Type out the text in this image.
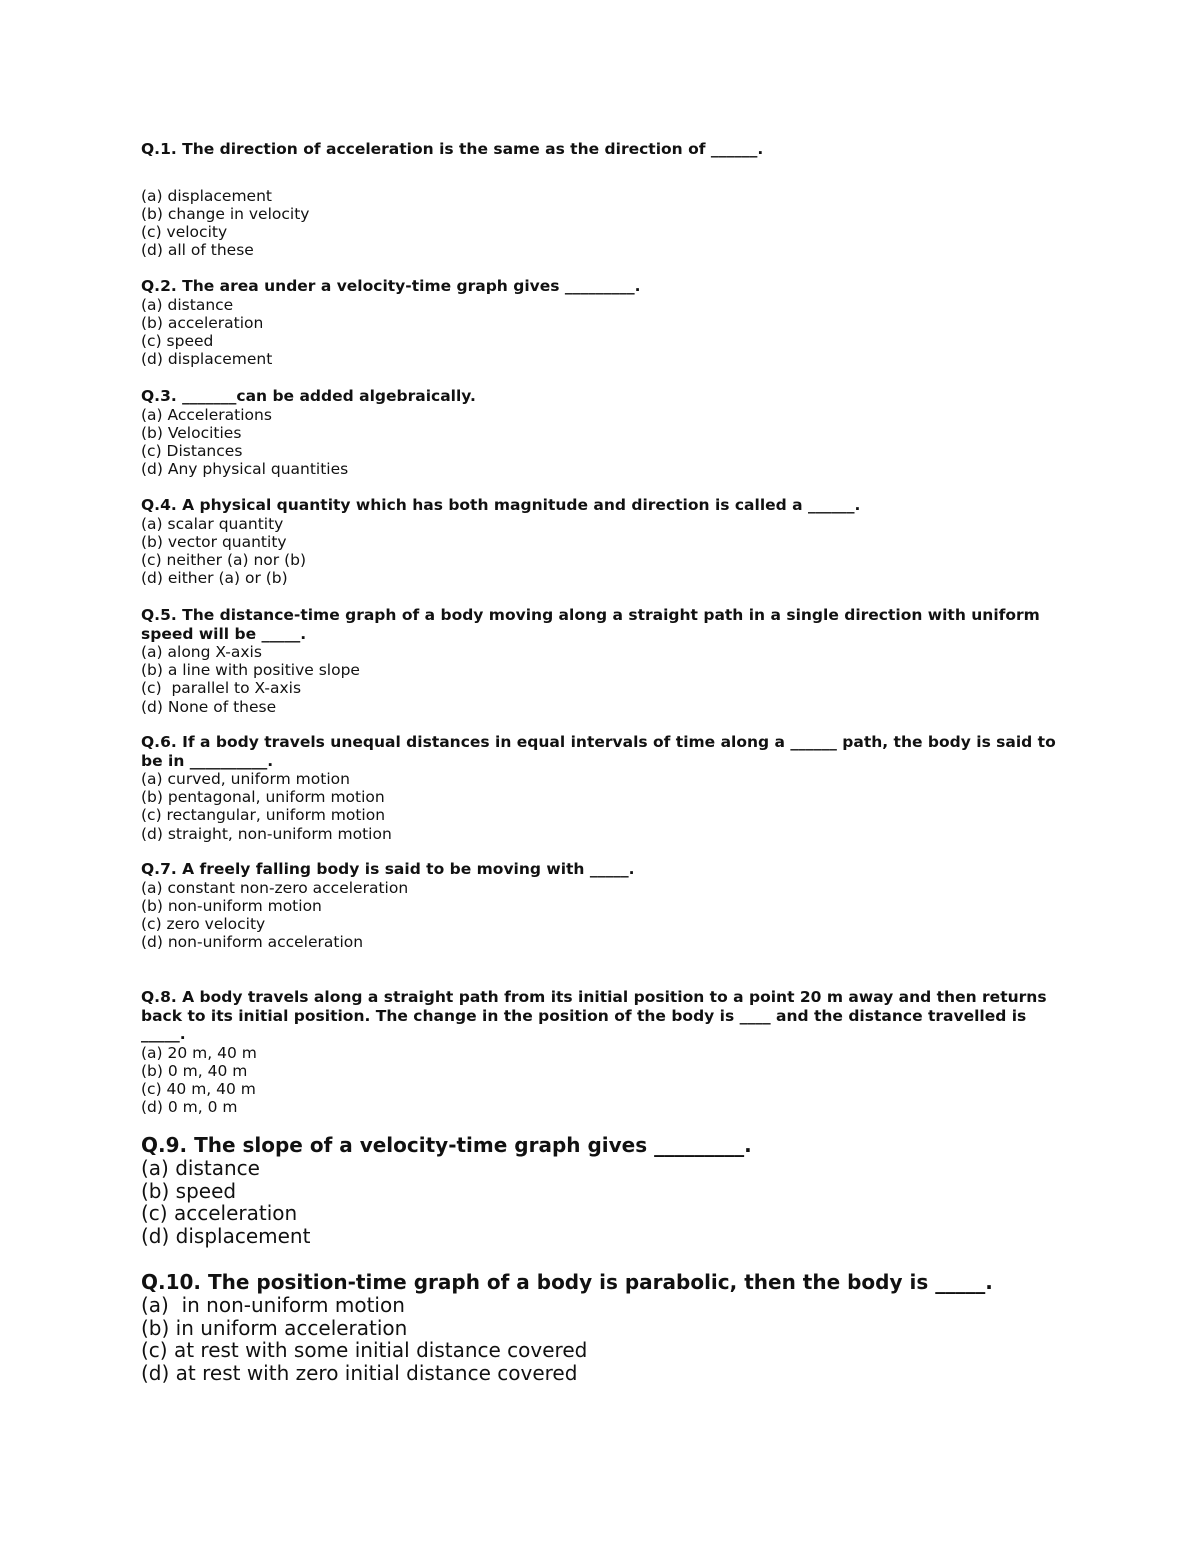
Q.1. The direction of acceleration is the same as the direction of ______.

(a) displacement

(b) change in velocity

(c) velocity

(d) all of these

Q.2. The area under a velocity-time graph gives _________.

(a) distance

(b) acceleration

(c) speed

(d) displacement

Q.3. _______can be added algebraically.

(a) Accelerations

(b) Velocities

(c) Distances

(d) Any physical quantities

Q.4. A physical quantity which has both magnitude and direction is called a ______.

(a) scalar quantity

(b) vector quantity

(c) neither (a) nor (b)

(d) either (a) or (b)

Q.5. The distance-time graph of a body moving along a straight path in a single direction with uniform speed will be _____.

(a) along X-axis

(b) a line with positive slope

(c)  parallel to X-axis

(d) None of these

Q.6. If a body travels unequal distances in equal intervals of time along a ______ path, the body is said to be in __________.

(a) curved, uniform motion

(b) pentagonal, uniform motion

(c) rectangular, uniform motion

(d) straight, non-uniform motion

Q.7. A freely falling body is said to be moving with _____.

(a) constant non-zero acceleration

(b) non-uniform motion

(c) zero velocity

(d) non-uniform acceleration

Q.8. A body travels along a straight path from its initial position to a point 20 m away and then returns back to its initial position. The change in the position of the body is ____ and the distance travelled is _____.

(a) 20 m, 40 m

(b) 0 m, 40 m

(c) 40 m, 40 m

(d) 0 m, 0 m

Q.9. The slope of a velocity-time graph gives _________.

(a) distance

(b) speed

(c) acceleration

(d) displacement

Q.10. The position-time graph of a body is parabolic, then the body is _____.

(a)  in non-uniform motion

(b) in uniform acceleration

(c) at rest with some initial distance covered

(d) at rest with zero initial distance covered
